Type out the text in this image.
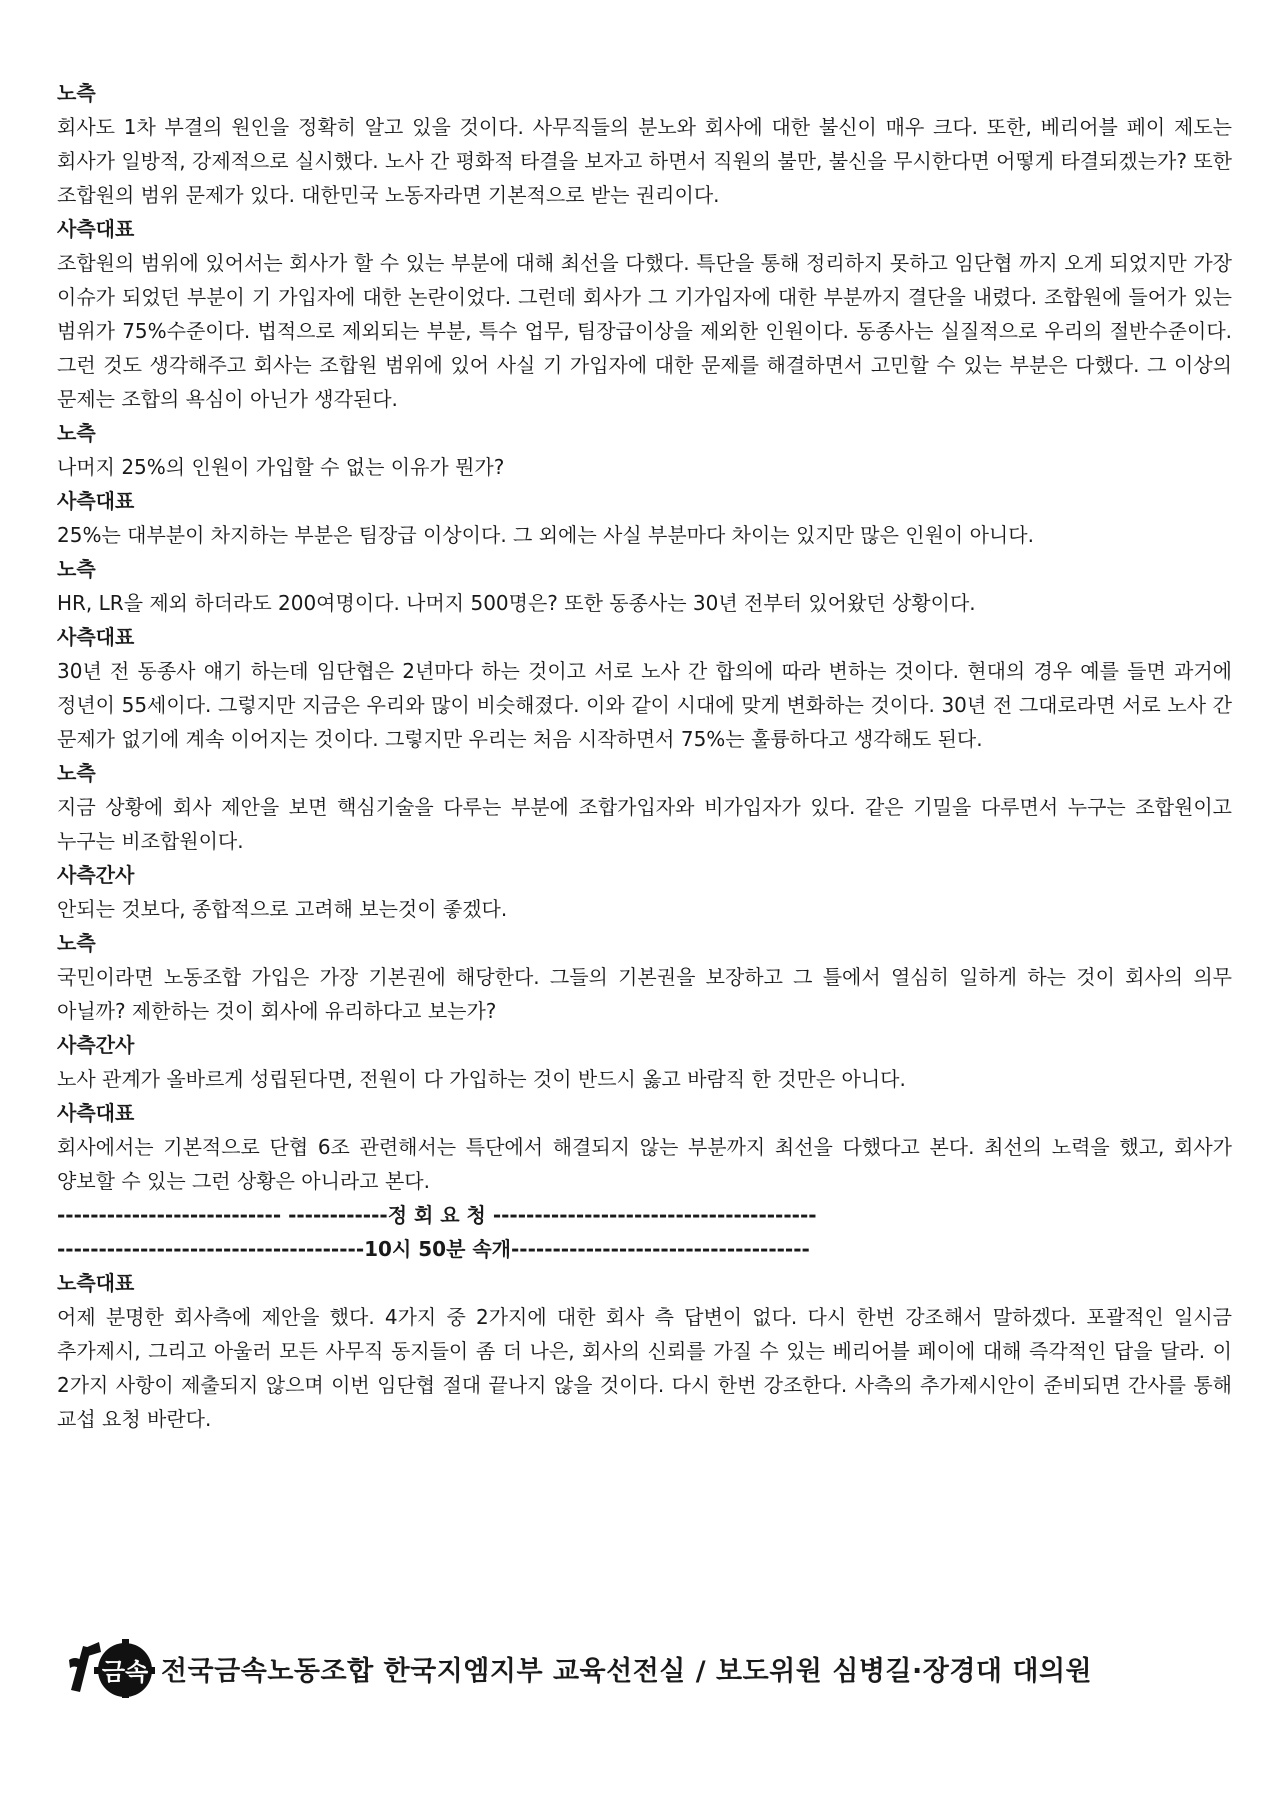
노측

회사도 1차 부결의 원인을 정확히 알고 있을 것이다. 사무직들의 분노와 회사에 대한 불신이 매우 크다. 또한, 베리어블 페이 제도는 회사가 일방적, 강제적으로 실시했다. 노사 간 평화적 타결을 보자고 하면서 직원의 불만, 불신을 무시한다면 어떻게 타결되겠는가? 또한 조합원의 범위 문제가 있다. 대한민국 노동자라면 기본적으로 받는 권리이다.

사측대표

조합원의 범위에 있어서는 회사가 할 수 있는 부분에 대해 최선을 다했다. 특단을 통해 정리하지 못하고 임단협 까지 오게 되었지만 가장 이슈가 되었던 부분이 기 가입자에 대한 논란이었다. 그런데 회사가 그 기가입자에 대한 부분까지 결단을 내렸다. 조합원에 들어가 있는 범위가 75%수준이다. 법적으로 제외되는 부분, 특수 업무, 팀장급이상을 제외한 인원이다. 동종사는 실질적으로 우리의 절반수준이다. 그런 것도 생각해주고 회사는 조합원 범위에 있어 사실 기 가입자에 대한 문제를 해결하면서 고민할 수 있는 부분은 다했다. 그 이상의 문제는 조합의 욕심이 아닌가 생각된다.

노측

나머지 25%의 인원이 가입할 수 없는 이유가 뭔가?

사측대표

25%는 대부분이 차지하는 부분은 팀장급 이상이다. 그 외에는 사실 부분마다 차이는 있지만 많은 인원이 아니다.

노측

HR, LR을 제외 하더라도 200여명이다. 나머지 500명은? 또한 동종사는 30년 전부터 있어왔던 상황이다.

사측대표

30년 전 동종사 얘기 하는데 임단협은 2년마다 하는 것이고 서로 노사 간 합의에 따라 변하는 것이다. 현대의 경우 예를 들면 과거에 정년이 55세이다. 그렇지만 지금은 우리와 많이 비슷해졌다. 이와 같이 시대에 맞게 변화하는 것이다. 30년 전 그대로라면 서로 노사 간 문제가 없기에 계속 이어지는 것이다. 그렇지만 우리는 처음 시작하면서 75%는 훌륭하다고 생각해도 된다.

노측

지금 상황에 회사 제안을 보면 핵심기술을 다루는 부분에 조합가입자와 비가입자가 있다. 같은 기밀을 다루면서 누구는 조합원이고 누구는 비조합원이다.

사측간사

안되는 것보다, 종합적으로 고려해 보는것이 좋겠다.

노측

국민이라면 노동조합 가입은 가장 기본권에 해당한다. 그들의 기본권을 보장하고 그 틀에서 열심히 일하게 하는 것이 회사의 의무 아닐까? 제한하는 것이 회사에 유리하다고 보는가?

사측간사

노사 관계가 올바르게 성립된다면, 전원이 다 가입하는 것이 반드시 옳고 바람직 한 것만은 아니다.

사측대표

회사에서는 기본적으로 단협 6조 관련해서는 특단에서 해결되지 않는 부분까지 최선을 다했다고 본다. 최선의 노력을 했고, 회사가 양보할 수 있는 그런 상황은 아니라고 본다.

--------------------------- ------------정 회 요 청 ---------------------------------------

-------------------------------------10시 50분 속개------------------------------------

노측대표

어제 분명한 회사측에 제안을 했다. 4가지 중 2가지에 대한 회사 측 답변이 없다. 다시 한번 강조해서 말하겠다. 포괄적인 일시금 추가제시, 그리고 아울러 모든 사무직 동지들이 좀 더 나은, 회사의 신뢰를 가질 수 있는 베리어블 페이에 대해 즉각적인 답을 달라. 이 2가지 사항이 제출되지 않으며 이번 임단협 절대 끝나지 않을 것이다. 다시 한번 강조한다. 사측의 추가제시안이 준비되면 간사를 통해 교섭 요청 바란다.

금속 전국금속노동조합 한국지엠지부 교육선전실 / 보도위원 심병길·장경대 대의원
